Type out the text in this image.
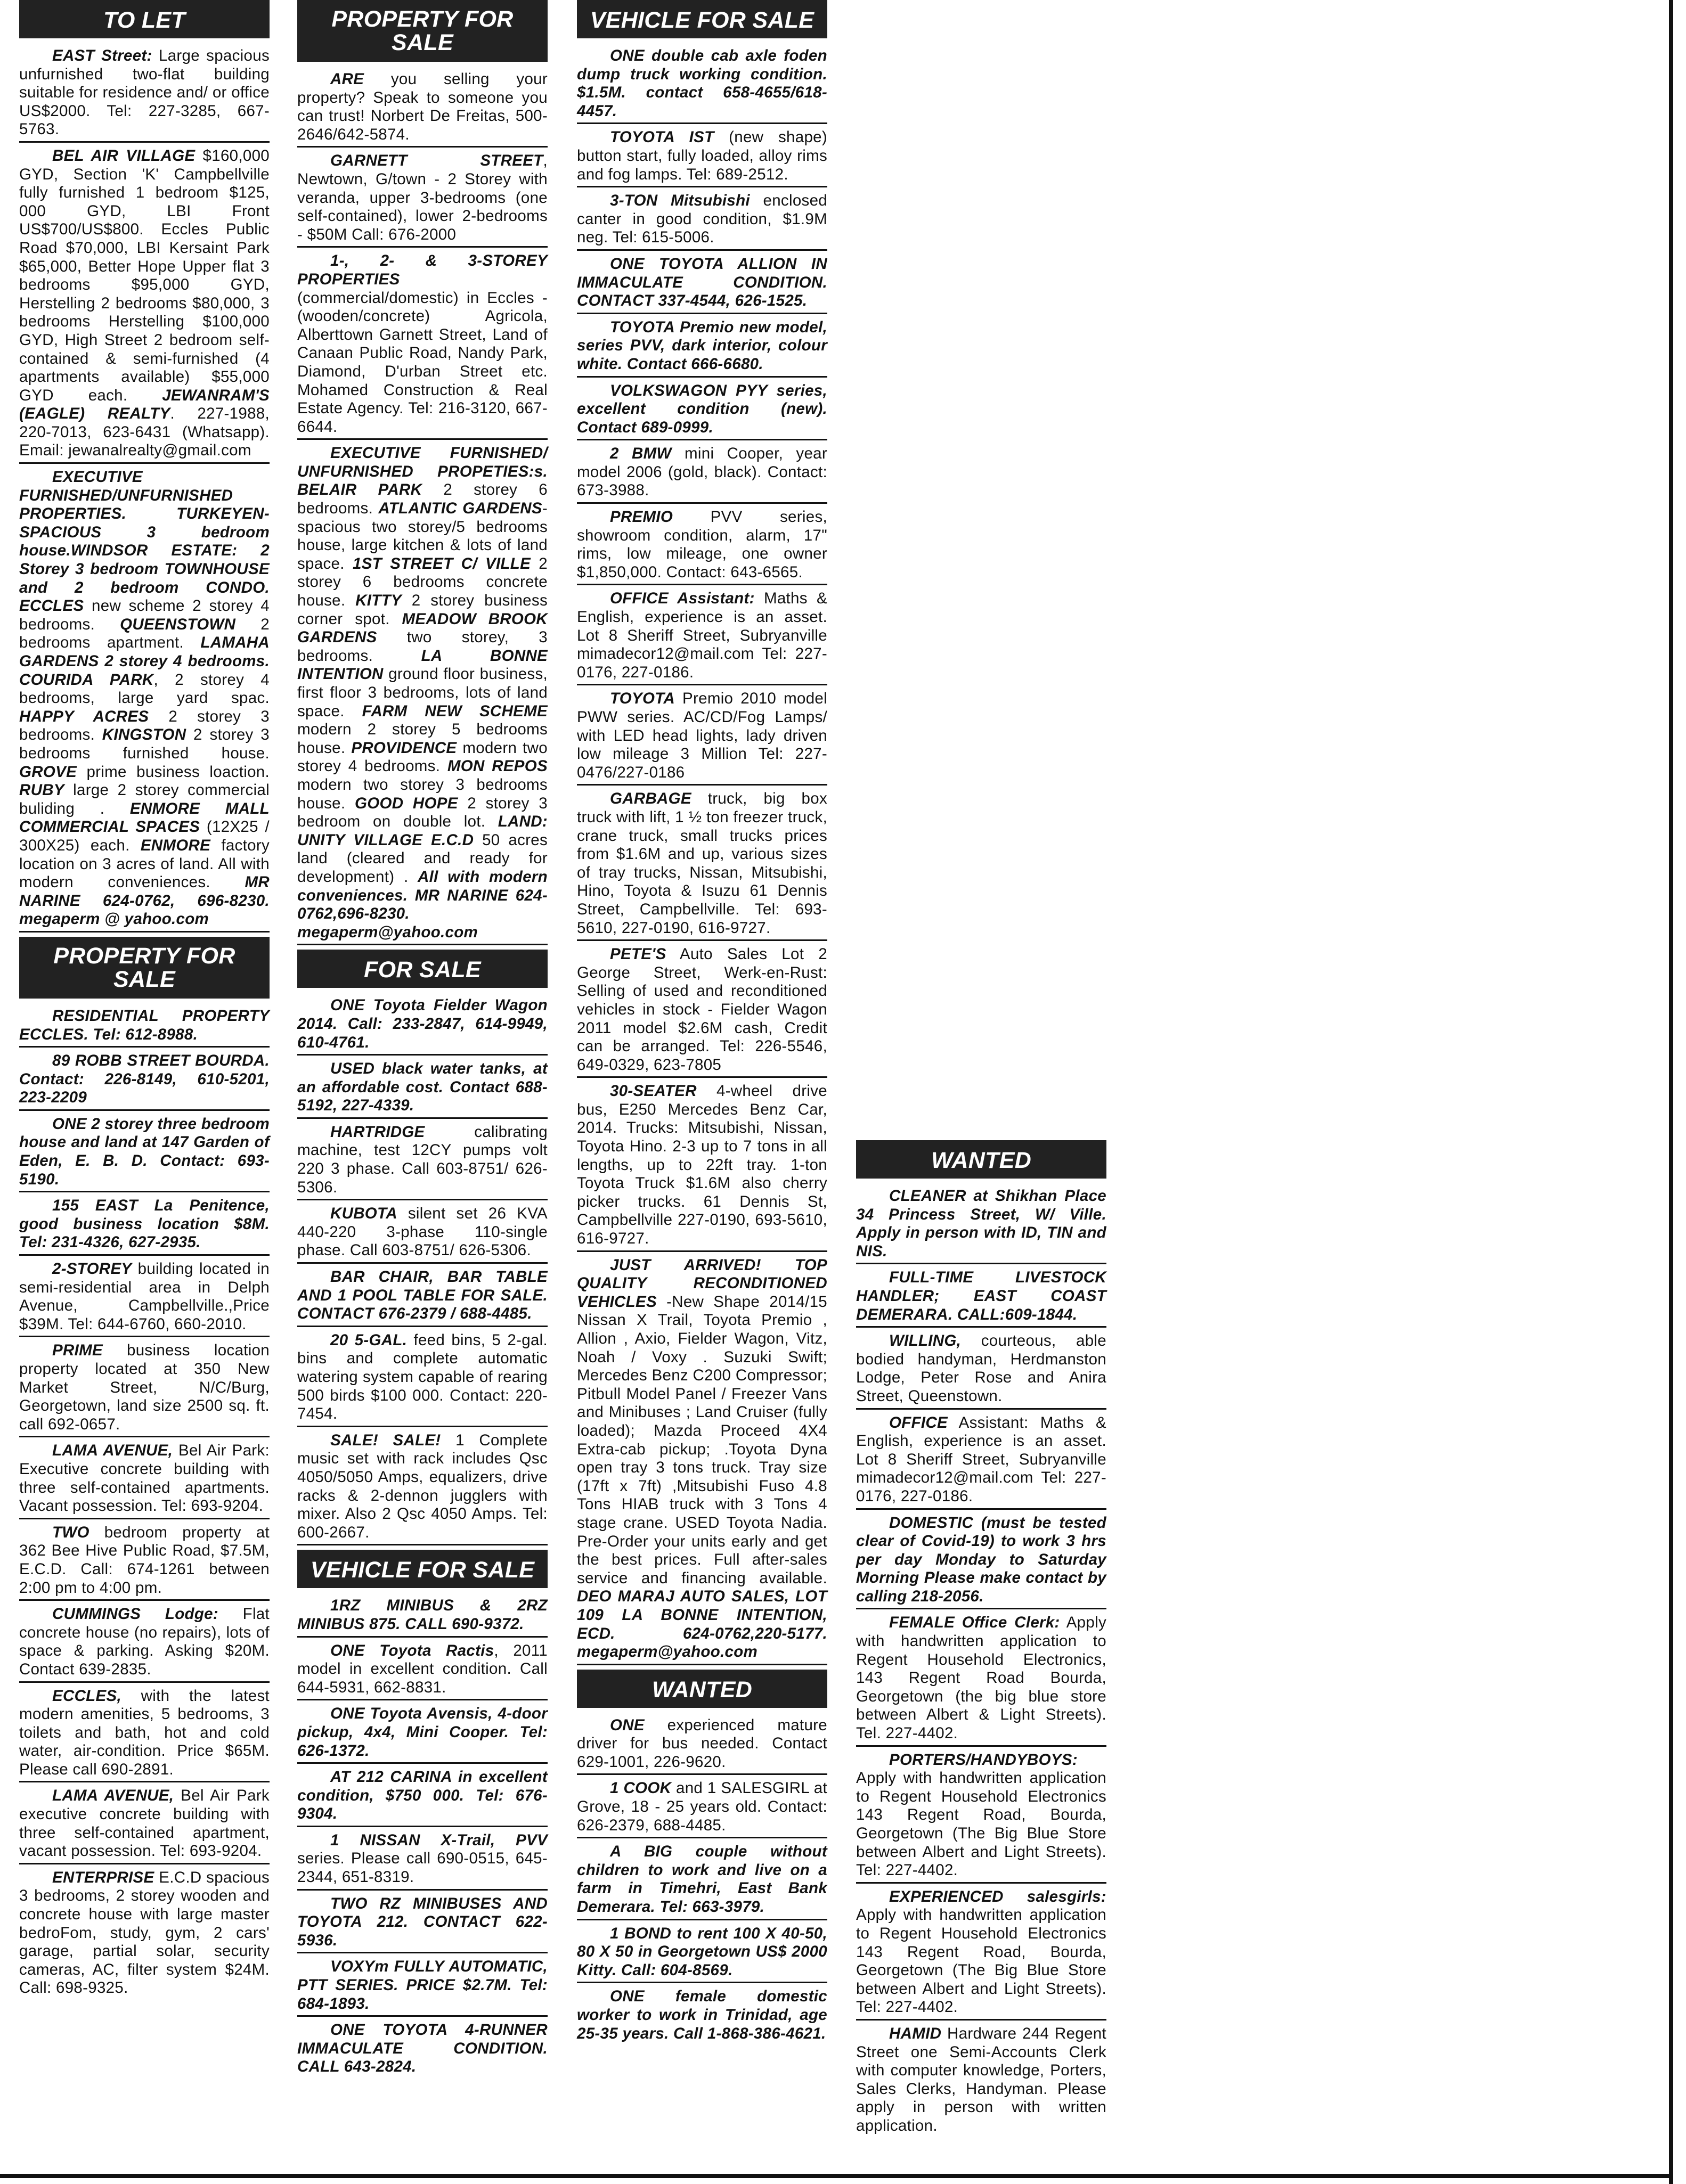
TO LET

EAST Street: Large spacious unfurnished two-flat building suitable for residence and/ or office US$2000. Tel: 227-3285, 667-5763.

BEL AIR VILLAGE $160,000 GYD, Section 'K' Campbellville fully furnished 1 bedroom $125, 000 GYD, LBI Front US$700/US$800. Eccles Public Road $70,000, LBI Kersaint Park $65,000, Better Hope Upper flat 3 bedrooms $95,000 GYD, Herstelling 2 bedrooms $80,000, 3 bedrooms Herstelling $100,000 GYD, High Street 2 bedroom self-contained & semi-furnished (4 apartments available) $55,000 GYD each. JEWANRAM'S (EAGLE) REALTY. 227-1988, 220-7013, 623-6431 (Whatsapp). Email: jewanalrealty@gmail.com

EXECUTIVE FURNISHED/UNFURNISHED PROPERTIES. TURKEYEN-SPACIOUS 3 bedroom house.WINDSOR ESTATE: 2 Storey 3 bedroom TOWNHOUSE and 2 bedroom CONDO. ECCLES new scheme 2 storey 4 bedrooms. QUEENSTOWN 2 bedrooms apartment. LAMAHA GARDENS 2 storey 4 bedrooms. COURIDA PARK, 2 storey 4 bedrooms, large yard spac. HAPPY ACRES 2 storey 3 bedrooms. KINGSTON 2 storey 3 bedrooms furnished house. GROVE prime business loaction. RUBY large 2 storey commercial buliding . ENMORE MALL COMMERCIAL SPACES (12X25 / 300X25) each. ENMORE factory location on 3 acres of land. All with modern conveniences. MR NARINE 624-0762, 696-8230. megaperm @ yahoo.com

PROPERTY FOR SALE

RESIDENTIAL PROPERTY ECCLES. Tel: 612-8988.

89 ROBB STREET BOURDA. Contact: 226-8149, 610-5201, 223-2209

ONE 2 storey three bedroom house and land at 147 Garden of Eden, E. B. D. Contact: 693-5190.

155 EAST La Penitence, good business location $8M. Tel: 231-4326, 627-2935.

2-STOREY building located in semi-residential area in Delph Avenue, Campbellville.,Price $39M. Tel: 644-6760, 660-2010.

PRIME business location property located at 350 New Market Street, N/C/Burg, Georgetown, land size 2500 sq. ft. call 692-0657.

LAMA AVENUE, Bel Air Park: Executive concrete building with three self-contained apartments. Vacant possession. Tel: 693-9204.

TWO bedroom property at 362 Bee Hive Public Road, $7.5M, E.C.D. Call: 674-1261 between 2:00 pm to 4:00 pm.

CUMMINGS Lodge: Flat concrete house (no repairs), lots of space & parking. Asking $20M. Contact 639-2835.

ECCLES, with the latest modern amenities, 5 bedrooms, 3 toilets and bath, hot and cold water, air-condition. Price $65M. Please call 690-2891.

LAMA AVENUE, Bel Air Park executive concrete building with three self-contained apartment, vacant possession. Tel: 693-9204.

ENTERPRISE E.C.D spacious 3 bedrooms, 2 storey wooden and concrete house with large master bedroFom, study, gym, 2 cars' garage, partial solar, security cameras, AC, filter system $24M. Call: 698-9325.

PROPERTY FOR SALE

ARE you selling your property? Speak to someone you can trust! Norbert De Freitas, 500-2646/642-5874.

GARNETT STREET, Newtown, G/town - 2 Storey with veranda, upper 3-bedrooms (one self-contained), lower 2-bedrooms - $50M Call: 676-2000

1-, 2- & 3-STOREY PROPERTIES (commercial/domestic) in Eccles - (wooden/concrete) Agricola, Alberttown Garnett Street, Land of Canaan Public Road, Nandy Park, Diamond, D'urban Street etc. Mohamed Construction & Real Estate Agency. Tel: 216-3120, 667-6644.

EXECUTIVE FURNISHED/ UNFURNISHED PROPETIES:s. BELAIR PARK 2 storey 6 bedrooms. ATLANTIC GARDENS- spacious two storey/5 bedrooms house, large kitchen & lots of land space. 1ST STREET C/ VILLE 2 storey 6 bedrooms concrete house. KITTY 2 storey business corner spot. MEADOW BROOK GARDENS two storey, 3 bedrooms. LA BONNE INTENTION ground floor business, first floor 3 bedrooms, lots of land space. FARM NEW SCHEME modern 2 storey 5 bedrooms house. PROVIDENCE modern two storey 4 bedrooms. MON REPOS modern two storey 3 bedrooms house. GOOD HOPE 2 storey 3 bedroom on double lot. LAND: UNITY VILLAGE E.C.D 50 acres land (cleared and ready for development) . All with modern conveniences. MR NARINE 624-0762,696-8230. megaperm@yahoo.com

FOR SALE

ONE Toyota Fielder Wagon 2014. Call: 233-2847, 614-9949, 610-4761.

USED black water tanks, at an affordable cost. Contact 688-5192, 227-4339.

HARTRIDGE calibrating machine, test 12CY pumps volt 220 3 phase. Call 603-8751/ 626-5306.

KUBOTA silent set 26 KVA 440-220 3-phase 110-single phase. Call 603-8751/ 626-5306.

BAR CHAIR, BAR TABLE AND 1 POOL TABLE FOR SALE. CONTACT 676-2379 / 688-4485.

20 5-GAL. feed bins, 5 2-gal. bins and complete automatic watering system capable of rearing 500 birds $100 000. Contact: 220-7454.

SALE! SALE! 1 Complete music set with rack includes Qsc 4050/5050 Amps, equalizers, drive racks & 2-dennon jugglers with mixer. Also 2 Qsc 4050 Amps. Tel: 600-2667.

VEHICLE FOR SALE

1RZ MINIBUS & 2RZ MINIBUS 875. CALL 690-9372.

ONE Toyota Ractis, 2011 model in excellent condition. Call 644-5931, 662-8831.

ONE Toyota Avensis, 4-door pickup, 4x4, Mini Cooper. Tel: 626-1372.

AT 212 CARINA in excellent condition, $750 000. Tel: 676-9304.

1 NISSAN X-Trail, PVV series. Please call 690-0515, 645-2344, 651-8319.

TWO RZ MINIBUSES AND TOYOTA 212. CONTACT 622-5936.

VOXYm FULLY AUTOMATIC, PTT SERIES. PRICE $2.7M. Tel: 684-1893.

ONE TOYOTA 4-RUNNER IMMACULATE CONDITION. CALL 643-2824.

VEHICLE FOR SALE

ONE double cab axle foden dump truck working condition. $1.5M. contact 658-4655/618-4457.

TOYOTA IST (new shape) button start, fully loaded, alloy rims and fog lamps. Tel: 689-2512.

3-TON Mitsubishi enclosed canter in good condition, $1.9M neg. Tel: 615-5006.

ONE TOYOTA ALLION IN IMMACULATE CONDITION. CONTACT 337-4544, 626-1525.

TOYOTA Premio new model, series PVV, dark interior, colour white. Contact 666-6680.

VOLKSWAGON PYY series, excellent condition (new). Contact 689-0999.

2 BMW mini Cooper, year model 2006 (gold, black). Contact: 673-3988.

PREMIO PVV series, showroom condition, alarm, 17" rims, low mileage, one owner $1,850,000. Contact: 643-6565.

OFFICE Assistant: Maths & English, experience is an asset. Lot 8 Sheriff Street, Subryanville mimadecor12@mail.com Tel: 227-0176, 227-0186.

TOYOTA Premio 2010 model PWW series. AC/CD/Fog Lamps/ with LED head lights, lady driven low mileage 3 Million Tel: 227-0476/227-0186

GARBAGE truck, big box truck with lift, 1 ½ ton freezer truck, crane truck, small trucks prices from $1.6M and up, various sizes of tray trucks, Nissan, Mitsubishi, Hino, Toyota & Isuzu 61 Dennis Street, Campbellville. Tel: 693-5610, 227-0190, 616-9727.

PETE'S Auto Sales Lot 2 George Street, Werk-en-Rust: Selling of used and reconditioned vehicles in stock - Fielder Wagon 2011 model $2.6M cash, Credit can be arranged. Tel: 226-5546, 649-0329, 623-7805

30-SEATER 4-wheel drive bus, E250 Mercedes Benz Car, 2014. Trucks: Mitsubishi, Nissan, Toyota Hino. 2-3 up to 7 tons in all lengths, up to 22ft tray. 1-ton Toyota Truck $1.6M also cherry picker trucks. 61 Dennis St, Campbellville 227-0190, 693-5610, 616-9727.

JUST ARRIVED! TOP QUALITY RECONDITIONED VEHICLES -New Shape 2014/15 Nissan X Trail, Toyota Premio , Allion , Axio, Fielder Wagon, Vitz, Noah / Voxy . Suzuki Swift; Mercedes Benz C200 Compressor; Pitbull Model Panel / Freezer Vans and Minibuses ; Land Cruiser (fully loaded); Mazda Proceed 4X4 Extra-cab pickup; .Toyota Dyna open tray 3 tons truck. Tray size (17ft x 7ft) ,Mitsubishi Fuso 4.8 Tons HIAB truck with 3 Tons 4 stage crane. USED Toyota Nadia. Pre-Order your units early and get the best prices. Full after-sales service and financing available. DEO MARAJ AUTO SALES, LOT 109 LA BONNE INTENTION, ECD. 624-0762,220-5177. megaperm@yahoo.com

WANTED

ONE experienced mature driver for bus needed. Contact 629-1001, 226-9620.

1 COOK and 1 SALESGIRL at Grove, 18 - 25 years old. Contact: 626-2379, 688-4485.

A BIG couple without children to work and live on a farm in Timehri, East Bank Demerara. Tel: 663-3979.

1 BOND to rent 100 X 40-50, 80 X 50 in Georgetown US$ 2000 Kitty. Call: 604-8569.

ONE female domestic worker to work in Trinidad, age 25-35 years. Call 1-868-386-4621.

WANTED

CLEANER at Shikhan Place 34 Princess Street, W/ Ville. Apply in person with ID, TIN and NIS.

FULL-TIME LIVESTOCK HANDLER; EAST COAST DEMERARA. CALL:609-1844.

WILLING, courteous, able bodied handyman, Herdmanston Lodge, Peter Rose and Anira Street, Queenstown.

OFFICE Assistant: Maths & English, experience is an asset. Lot 8 Sheriff Street, Subryanville mimadecor12@mail.com Tel: 227-0176, 227-0186.

DOMESTIC (must be tested clear of Covid-19) to work 3 hrs per day Monday to Saturday Morning Please make contact by calling 218-2056.

FEMALE Office Clerk: Apply with handwritten application to Regent Household Electronics, 143 Regent Road Bourda, Georgetown (the big blue store between Albert & Light Streets). Tel. 227-4402.

PORTERS/HANDYBOYS: Apply with handwritten application to Regent Household Electronics 143 Regent Road, Bourda, Georgetown (The Big Blue Store between Albert and Light Streets). Tel: 227-4402.

EXPERIENCED salesgirls: Apply with handwritten application to Regent Household Electronics 143 Regent Road, Bourda, Georgetown (The Big Blue Store between Albert and Light Streets). Tel: 227-4402.

HAMID Hardware 244 Regent Street one Semi-Accounts Clerk with computer knowledge, Porters, Sales Clerks, Handyman. Please apply in person with written application.
